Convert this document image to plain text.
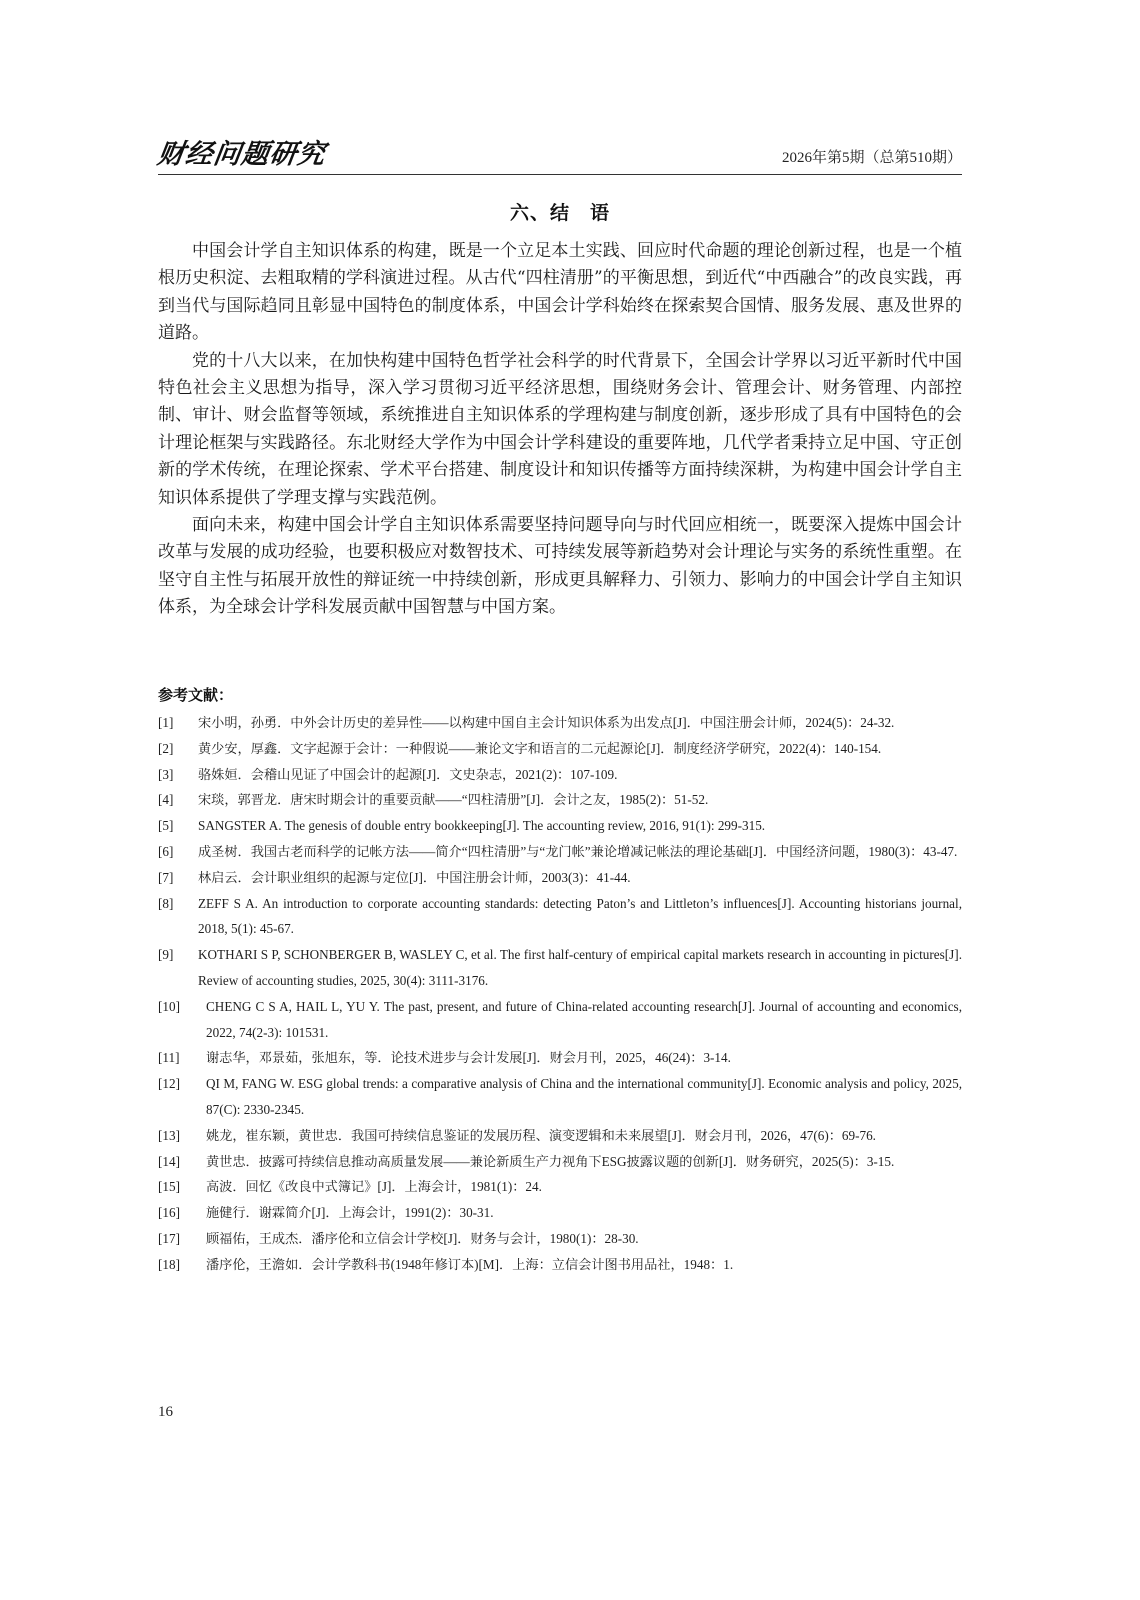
财经问题研究	2026年第5期（总第510期）
六、结　语

中国会计学自主知识体系的构建，既是一个立足本土实践、回应时代命题的理论创新过程，也是一个植根历史积淀、去粗取精的学科演进过程。从古代“四柱清册”的平衡思想，到近代“中西融合”的改良实践，再到当代与国际趋同且彰显中国特色的制度体系，中国会计学科始终在探索契合国情、服务发展、惠及世界的道路。

党的十八大以来，在加快构建中国特色哲学社会科学的时代背景下，全国会计学界以习近平新时代中国特色社会主义思想为指导，深入学习贯彻习近平经济思想，围绕财务会计、管理会计、财务管理、内部控制、审计、财会监督等领域，系统推进自主知识体系的学理构建与制度创新，逐步形成了具有中国特色的会计理论框架与实践路径。东北财经大学作为中国会计学科建设的重要阵地，几代学者秉持立足中国、守正创新的学术传统，在理论探索、学术平台搭建、制度设计和知识传播等方面持续深耕，为构建中国会计学自主知识体系提供了学理支撑与实践范例。

面向未来，构建中国会计学自主知识体系需要坚持问题导向与时代回应相统一，既要深入提炼中国会计改革与发展的成功经验，也要积极应对数智技术、可持续发展等新趋势对会计理论与实务的系统性重塑。在坚守自主性与拓展开放性的辩证统一中持续创新，形成更具解释力、引领力、影响力的中国会计学自主知识体系，为全球会计学科发展贡献中国智慧与中国方案。

参考文献：
[1]	宋小明，孙勇．中外会计历史的差异性——以构建中国自主会计知识体系为出发点[J]．中国注册会计师，2024(5)：24-32.
[2]	黄少安，厚鑫．文字起源于会计：一种假说——兼论文字和语言的二元起源论[J]．制度经济学研究，2022(4)：140-154.
[3]	骆姝姮．会稽山见证了中国会计的起源[J]．文史杂志，2021(2)：107-109.
[4]	宋琰，郭晋龙．唐宋时期会计的重要贡献——“四柱清册”[J]．会计之友，1985(2)：51-52.
[5]	SANGSTER A. The genesis of double entry bookkeeping[J]. The accounting review, 2016, 91(1): 299-315.
[6]	成圣树．我国古老而科学的记帐方法——简介“四柱清册”与“龙门帐”兼论增减记帐法的理论基础[J]．中国经济问题，1980(3)：43-47.
[7]	林启云．会计职业组织的起源与定位[J]．中国注册会计师，2003(3)：41-44.
[8]	ZEFF S A. An introduction to corporate accounting standards: detecting Paton’s and Littleton’s influences[J]. Accounting historians journal, 2018, 5(1): 45-67.
[9]	KOTHARI S P, SCHONBERGER B, WASLEY C, et al. The first half-century of empirical capital markets research in accounting in pictures[J]. Review of accounting studies, 2025, 30(4): 3111-3176.
[10]	CHENG C S A, HAIL L, YU Y. The past, present, and future of China-related accounting research[J]. Journal of accounting and economics, 2022, 74(2-3): 101531.
[11]	谢志华，邓景茹，张旭东，等．论技术进步与会计发展[J]．财会月刊，2025，46(24)：3-14.
[12]	QI M, FANG W. ESG global trends: a comparative analysis of China and the international community[J]. Economic analysis and policy, 2025, 87(C): 2330-2345.
[13]	姚龙，崔东颖，黄世忠．我国可持续信息鉴证的发展历程、演变逻辑和未来展望[J]．财会月刊，2026，47(6)：69-76.
[14]	黄世忠．披露可持续信息推动高质量发展——兼论新质生产力视角下ESG披露议题的创新[J]．财务研究，2025(5)：3-15.
[15]	高波．回忆《改良中式簿记》[J]．上海会计，1981(1)：24.
[16]	施健行．谢霖简介[J]．上海会计，1991(2)：30-31.
[17]	顾福佑，王成杰．潘序伦和立信会计学校[J]．财务与会计，1980(1)：28-30.
[18]	潘序伦，王澹如．会计学教科书(1948年修订本)[M]．上海：立信会计图书用品社，1948：1.
16
